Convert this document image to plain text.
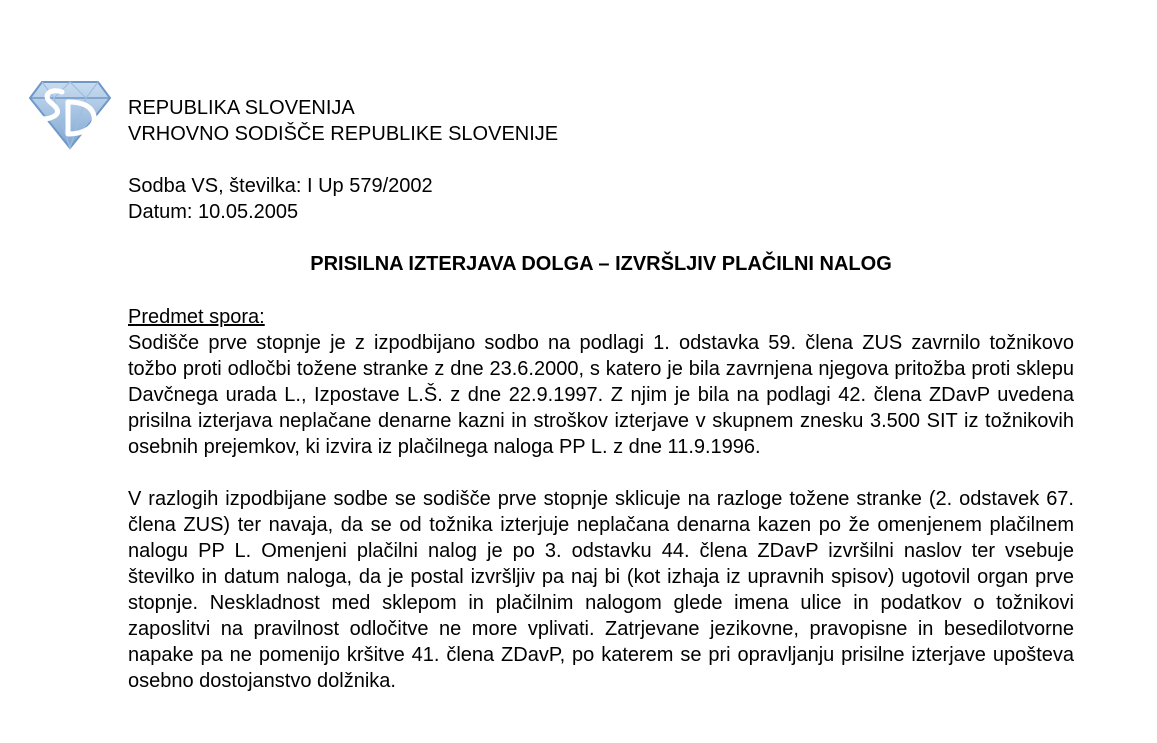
REPUBLIKA SLOVENIJA
VRHOVNO SODIŠČE REPUBLIKE SLOVENIJE
Sodba VS, številka: I Up 579/2002
Datum: 10.05.2005
PRISILNA IZTERJAVA DOLGA – IZVRŠLJIV PLAČILNI NALOG
Predmet spora:

Sodišče prve stopnje je z izpodbijano sodbo na podlagi 1. odstavka 59. člena ZUS zavrnilo tožnikovo tožbo proti odločbi tožene stranke z dne 23.6.2000, s katero je bila zavrnjena njegova pritožba proti sklepu Davčnega urada L., Izpostave L.Š. z dne 22.9.1997. Z njim je bila na podlagi 42. člena ZDavP uvedena prisilna izterjava neplačane denarne kazni in stroškov izterjave v skupnem znesku 3.500 SIT iz tožnikovih osebnih prejemkov, ki izvira iz plačilnega naloga PP L. z dne 11.9.1996.

V razlogih izpodbijane sodbe se sodišče prve stopnje sklicuje na razloge tožene stranke (2. odstavek 67. člena ZUS) ter navaja, da se od tožnika izterjuje neplačana denarna kazen po že omenjenem plačilnem nalogu PP L. Omenjeni plačilni nalog je po 3. odstavku 44. člena ZDavP izvršilni naslov ter vsebuje številko in datum naloga, da je postal izvršljiv pa naj bi (kot izhaja iz upravnih spisov) ugotovil organ prve stopnje. Neskladnost med sklepom in plačilnim nalogom glede imena ulice in podatkov o tožnikovi zaposlitvi na pravilnost odločitve ne more vplivati. Zatrjevane jezikovne, pravopisne in besedilotvorne napake pa ne pomenijo kršitve 41. člena ZDavP, po katerem se pri opravljanju prisilne izterjave upošteva osebno dostojanstvo dolžnika.
